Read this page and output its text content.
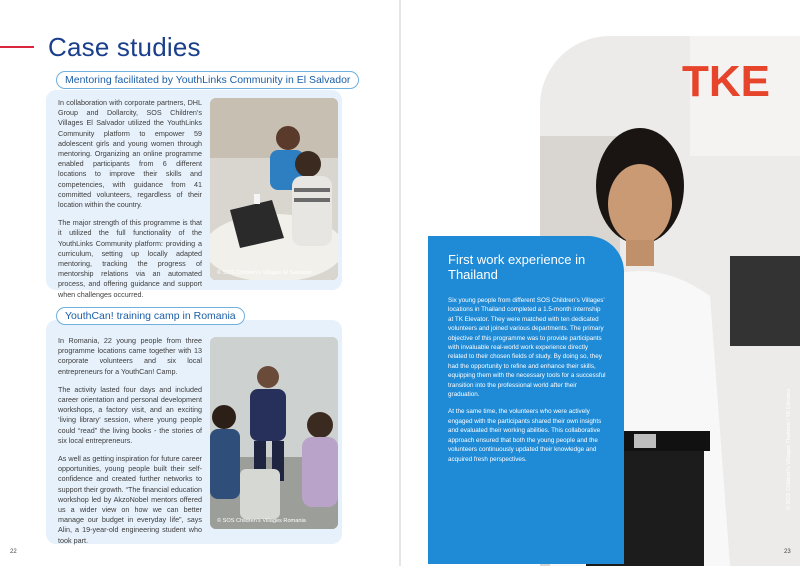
Case studies
Mentoring facilitated by YouthLinks Community in El Salvador

In collaboration with corporate partners, DHL Group and Dollarcity, SOS Children’s Villages El Salvador utilized the YouthLinks Community platform to empower 59 adolescent girls and young women through mentoring. Organizing an online programme enabled participants from 6 different locations to improve their skills and competencies, with guidance from 41 committed volunteers, regardless of their location within the country.

The major strength of this programme is that it utilized the full functionality of the YouthLinks Community platform: providing a curriculum, setting up locally adapted mentoring, tracking the progress of mentorship relations via an automated process, and offering guidance and support when challenges occurred.

© SOS Children’s Villages El Salvador
YouthCan! training camp in Romania

In Romania, 22 young people from three programme locations came together with 13 corporate volunteers and six local entrepreneurs for a YouthCan! Camp.

The activity lasted four days and included career orientation and personal development workshops, a factory visit, and an exciting ‘living library’ session, where young people could “read” the living books - the stories of six local entrepreneurs.

As well as getting inspiration for future career opportunities, young people built their self-confidence and created further networks to support their growth. “The financial education workshop led by AkzoNobel mentors offered us a wider view on how we can better manage our budget in everyday life”, says Alin, a 19-year-old engineering student who took part.

© SOS Children’s Villages Romania
22
TKE
© SOS Children’s Villages Thailand / TK Elevator
First work experience in Thailand

Six young people from different SOS Children’s Villages’ locations in Thailand completed a 1.5-month internship at TK Elevator. They were matched with ten dedicated volunteers and joined various departments. The primary objective of this programme was to provide participants with invaluable real-world work experience directly related to their chosen fields of study. By doing so, they had the opportunity to refine and enhance their skills, equipping them with the necessary tools for a successful transition into the professional world after their graduation.

At the same time, the volunteers who were actively engaged with the participants shared their own insights and evaluated their working abilities. This collaborative approach ensured that both the young people and the volunteers continuously updated their knowledge and acquired fresh perspectives.

23
